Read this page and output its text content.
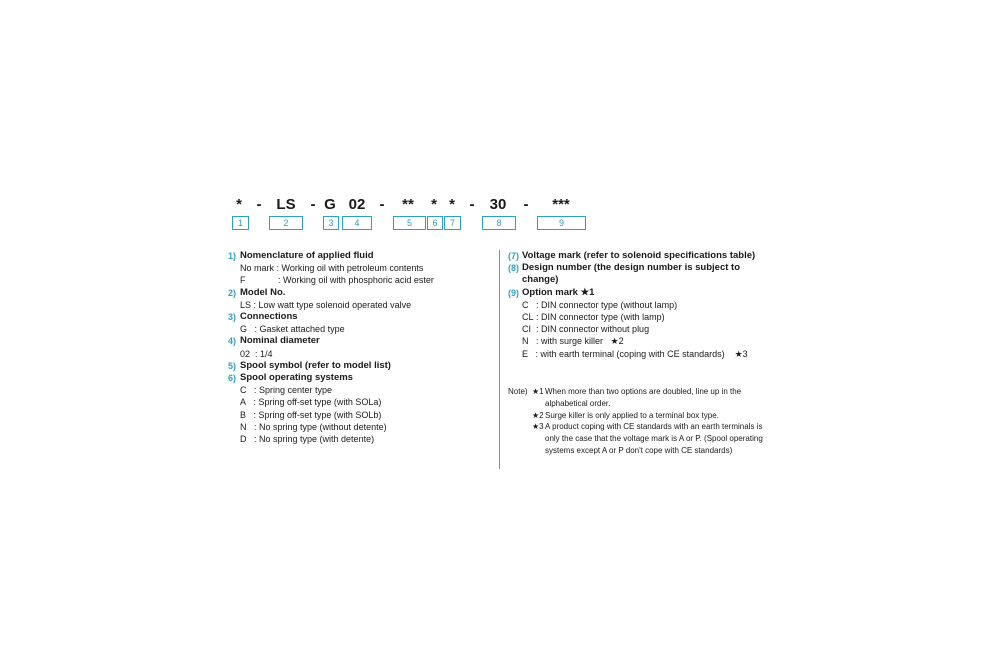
* - LS - G 02 -	**	* * -	30	-	***
1	2	3	4	5	6	7	8	9
1) Nomenclature of applied fluid
No mark : Working oil with petroleum contents
F : Working oil with phosphoric acid ester
2) Model No.
LS : Low watt type solenoid operated valve
3) Connections
G : Gasket attached type
4) Nominal diameter
02 : 1/4
5) Spool symbol (refer to model list)
6) Spool operating systems
C : Spring center type
A : Spring off-set type (with SOLa)
B : Spring off-set type (with SOLb)
N : No spring type (without detente)
D : No spring type (with detente)
(7) Voltage mark (refer to solenoid specifications table)
(8) Design number (the design number is subject to change)
(9) Option mark ★1
C : DIN connector type (without lamp)
CL : DIN connector type (with lamp)
CI : DIN connector without plug
N : with surge killer   ★2
E : with earth terminal (coping with CE standards)    ★3
Note) ★1 When more than two options are doubled, line up in the alphabetical order.
★2 Surge killer is only applied to a terminal box type.
★3 A product coping with CE standards with an earth terminals is only the case that the voltage mark is A or P. (Spool operating systems except A or P don't cope with CE standards)
